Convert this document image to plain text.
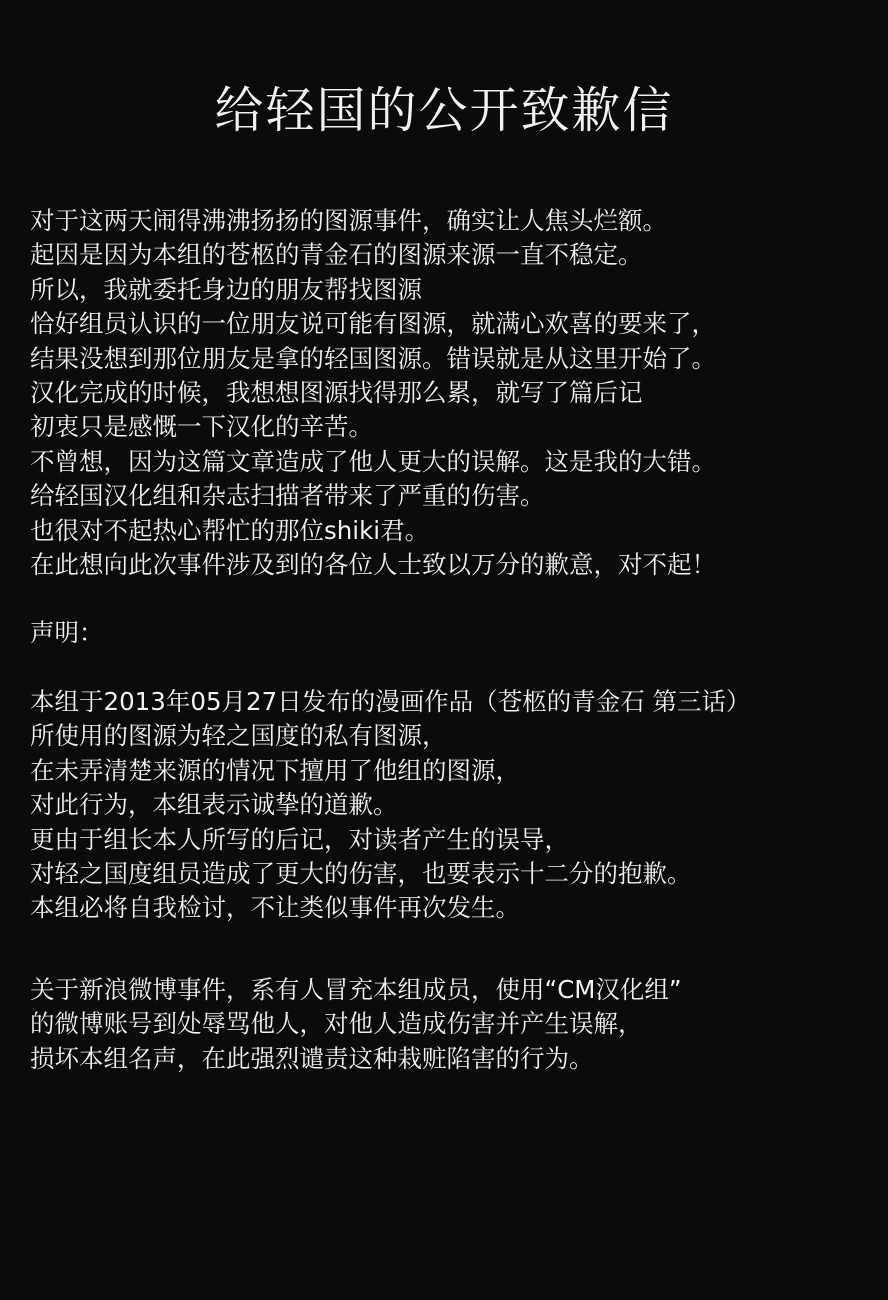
给轻国的公开致歉信
对于这两天闹得沸沸扬扬的图源事件，确实让人焦头烂额。
起因是因为本组的苍柩的青金石的图源来源一直不稳定。
所以，我就委托身边的朋友帮找图源
恰好组员认识的一位朋友说可能有图源，就满心欢喜的要来了，
结果没想到那位朋友是拿的轻国图源。错误就是从这里开始了。
汉化完成的时候，我想想图源找得那么累，就写了篇后记
初衷只是感慨一下汉化的辛苦。
不曾想，因为这篇文章造成了他人更大的误解。这是我的大错。
给轻国汉化组和杂志扫描者带来了严重的伤害。
也很对不起热心帮忙的那位shiki君。
在此想向此次事件涉及到的各位人士致以万分的歉意，对不起！
声明：
本组于2013年05月27日发布的漫画作品（苍柩的青金石 第三话）
所使用的图源为轻之国度的私有图源，
在未弄清楚来源的情况下擅用了他组的图源，
对此行为，本组表示诚挚的道歉。
更由于组长本人所写的后记，对读者产生的误导，
对轻之国度组员造成了更大的伤害，也要表示十二分的抱歉。
本组必将自我检讨，不让类似事件再次发生。
关于新浪微博事件，系有人冒充本组成员，使用“CM汉化组”
的微博账号到处辱骂他人，对他人造成伤害并产生误解，
损坏本组名声，在此强烈谴责这种栽赃陷害的行为。
